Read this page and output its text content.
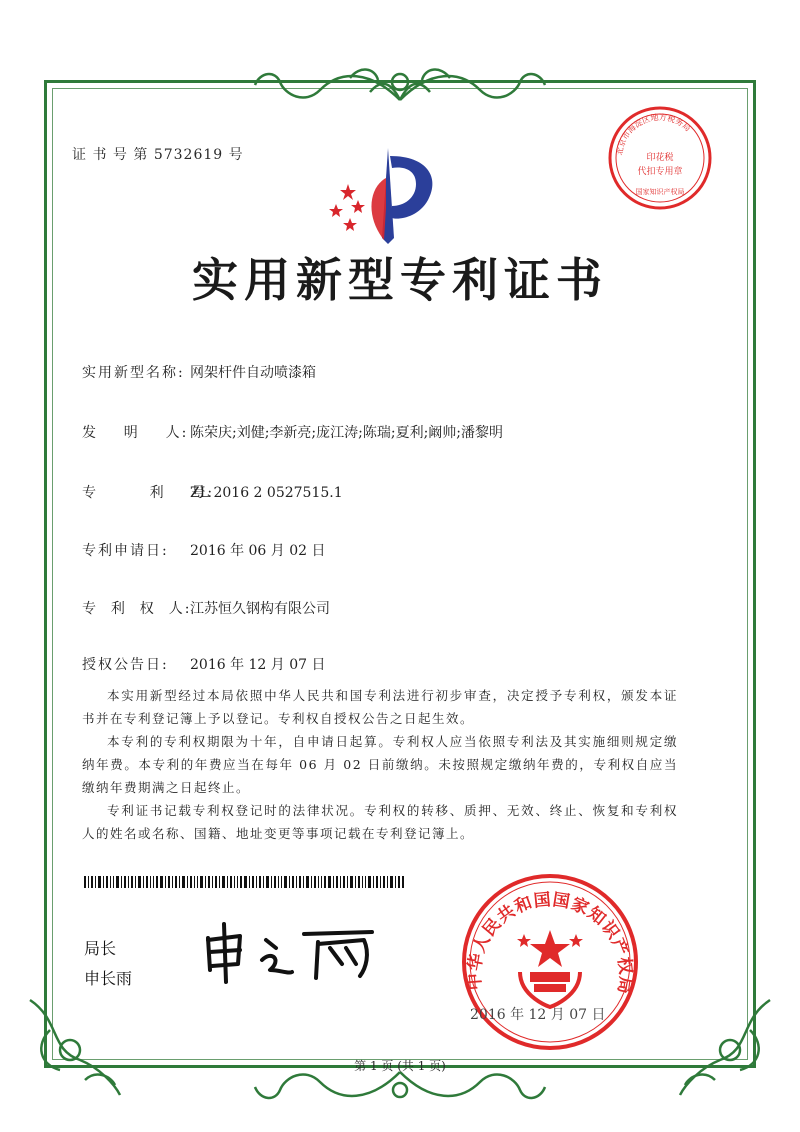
证 书 号 第 5732619 号	北京市海淀区地方税务局
印花税
代扣专用章
国家知识产权局
实用新型专利证书
实用新型名称: 网架杆件自动喷漆箱
发    明    人: 陈荣庆;刘健;李新亮;庞江涛;陈瑞;夏利;阚帅;潘黎明
专        利    号:ZL 2016 2 0527515.1
专利申请日: 2016 年 06 月 02 日
专  利  权  人:江苏恒久钢构有限公司
授权公告日: 2016 年 12 月 07 日
本实用新型经过本局依照中华人民共和国专利法进行初步审查，决定授予专利权，颁发本证书并在专利登记簿上予以登记。专利权自授权公告之日起生效。
本专利的专利权期限为十年，自申请日起算。专利权人应当依照专利法及其实施细则规定缴纳年费。本专利的年费应当在每年 06 月 02 日前缴纳。未按照规定缴纳年费的，专利权自应当缴纳年费期满之日起终止。
专利证书记载专利权登记时的法律状况。专利权的转移、质押、无效、终止、恢复和专利权人的姓名或名称、国籍、地址变更等事项记载在专利登记簿上。
局长
申长雨	中华人民共和国国家知识产权局
2016 年 12 月 07 日
第 1 页 (共 1 页)
